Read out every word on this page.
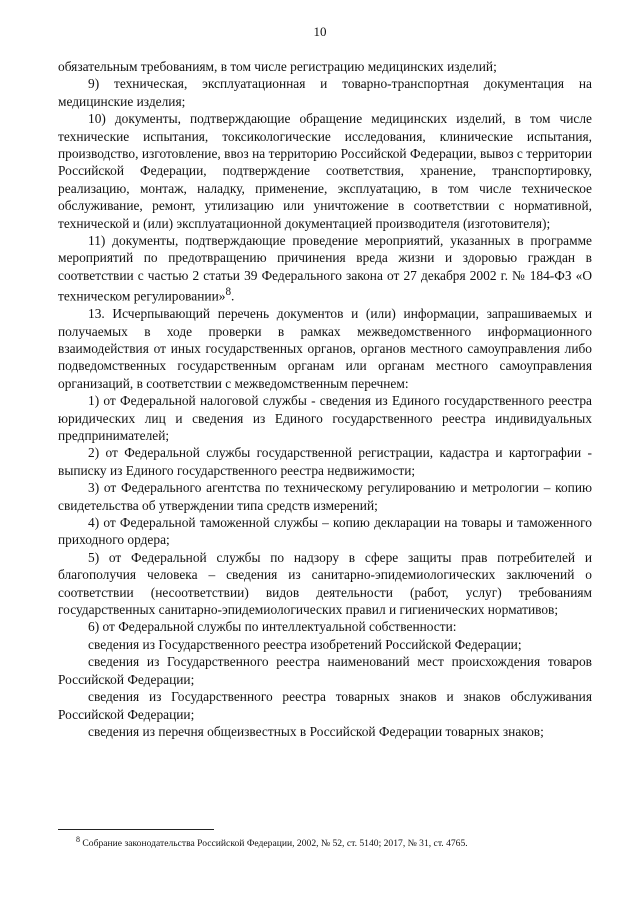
10

обязательным требованиям, в том числе регистрацию медицинских изделий;

9) техническая, эксплуатационная и товарно-транспортная документация на медицинские изделия;

10) документы, подтверждающие обращение медицинских изделий, в том числе технические испытания, токсикологические исследования, клинические испытания, производство, изготовление, ввоз на территорию Российской Федерации, вывоз с территории Российской Федерации, подтверждение соответствия, хранение, транспортировку, реализацию, монтаж, наладку, применение, эксплуатацию, в том числе техническое обслуживание, ремонт, утилизацию или уничтожение в соответствии с нормативной, технической и (или) эксплуатационной документацией производителя (изготовителя);

11) документы, подтверждающие проведение мероприятий, указанных в программе мероприятий по предотвращению причинения вреда жизни и здоровью граждан в соответствии с частью 2 статьи 39 Федерального закона от 27 декабря 2002 г. № 184-ФЗ «О техническом регулировании»$^8$.

13. Исчерпывающий перечень документов и (или) информации, запрашиваемых и получаемых в ходе проверки в рамках межведомственного информационного взаимодействия от иных государственных органов, органов местного самоуправления либо подведомственных государственным органам или органам местного самоуправления организаций, в соответствии с межведомственным перечнем:

1) от Федеральной налоговой службы - сведения из Единого государственного реестра юридических лиц и сведения из Единого государственного реестра индивидуальных предпринимателей;

2) от Федеральной службы государственной регистрации, кадастра и картографии - выписку из Единого государственного реестра недвижимости;

3) от Федерального агентства по техническому регулированию и метрологии – копию свидетельства об утверждении типа средств измерений;

4) от Федеральной таможенной службы – копию декларации на товары и таможенного приходного ордера;

5) от Федеральной службы по надзору в сфере защиты прав потребителей и благополучия человека – сведения из санитарно-эпидемиологических заключений о соответствии (несоответствии) видов деятельности (работ, услуг) требованиям государственных санитарно-эпидемиологических правил и гигиенических нормативов;

6) от Федеральной службы по интеллектуальной собственности:

сведения из Государственного реестра изобретений Российской Федерации;

сведения из Государственного реестра наименований мест происхождения товаров Российской Федерации;

сведения из Государственного реестра товарных знаков и знаков обслуживания Российской Федерации;

сведения из перечня общеизвестных в Российской Федерации товарных знаков;

$^8$ Собрание законодательства Российской Федерации, 2002, № 52, ст. 5140; 2017, № 31, ст. 4765.
